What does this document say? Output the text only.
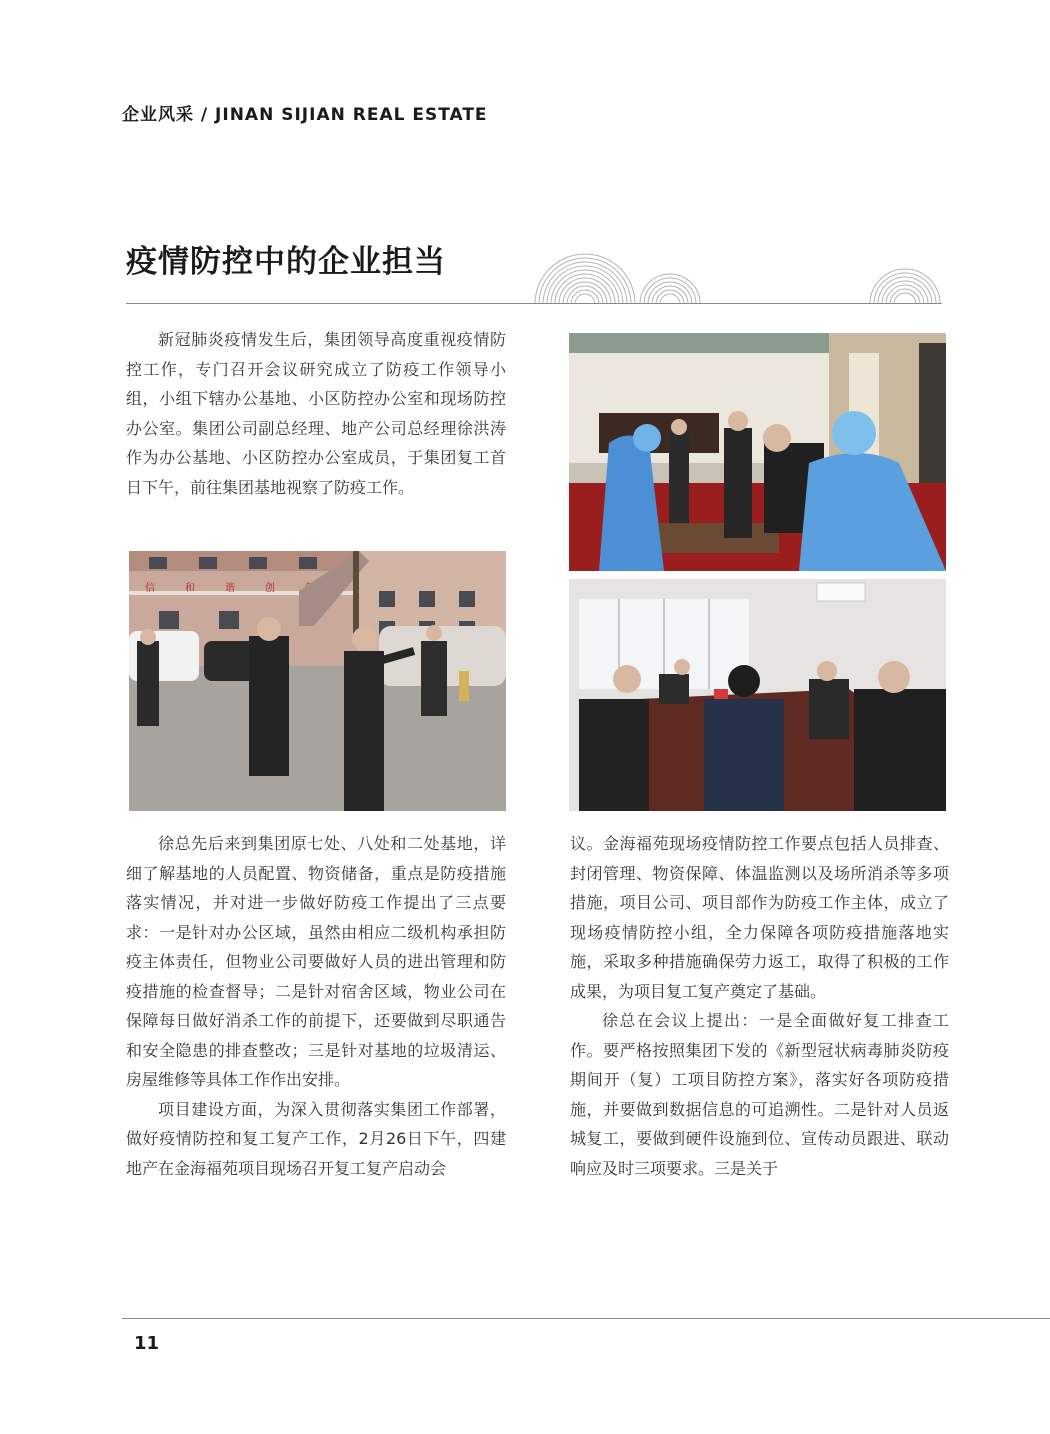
企业风采 / JINAN SIJIAN REAL ESTATE
疫情防控中的企业担当

新冠肺炎疫情发生后，集团领导高度重视疫情防控工作，专门召开会议研究成立了防疫工作领导小组，小组下辖办公基地、小区防控办公室和现场防控办公室。集团公司副总经理、地产公司总经理徐洪涛作为办公基地、小区防控办公室成员，于集团复工首日下午，前往集团基地视察了防疫工作。

信	和	谐	创

徐总先后来到集团原七处、八处和二处基地，详细了解基地的人员配置、物资储备，重点是防疫措施落实情况，并对进一步做好防疫工作提出了三点要求：一是针对办公区域，虽然由相应二级机构承担防疫主体责任，但物业公司要做好人员的进出管理和防疫措施的检查督导；二是针对宿舍区域，物业公司在保障每日做好消杀工作的前提下，还要做到尽职通告和安全隐患的排查整改；三是针对基地的垃圾清运、房屋维修等具体工作作出安排。

项目建设方面，为深入贯彻落实集团工作部署，做好疫情防控和复工复产工作，2月26日下午，四建地产在金海福苑项目现场召开复工复产启动会

议。金海福苑现场疫情防控工作要点包括人员排查、封闭管理、物资保障、体温监测以及场所消杀等多项措施，项目公司、项目部作为防疫工作主体，成立了现场疫情防控小组，全力保障各项防疫措施落地实施，采取多种措施确保劳力返工，取得了积极的工作成果，为项目复工复产奠定了基础。

徐总在会议上提出：一是全面做好复工排查工作。要严格按照集团下发的《新型冠状病毒肺炎防疫期间开（复）工项目防控方案》，落实好各项防疫措施，并要做到数据信息的可追溯性。二是针对人员返城复工，要做到硬件设施到位、宣传动员跟进、联动响应及时三项要求。三是关于

11
